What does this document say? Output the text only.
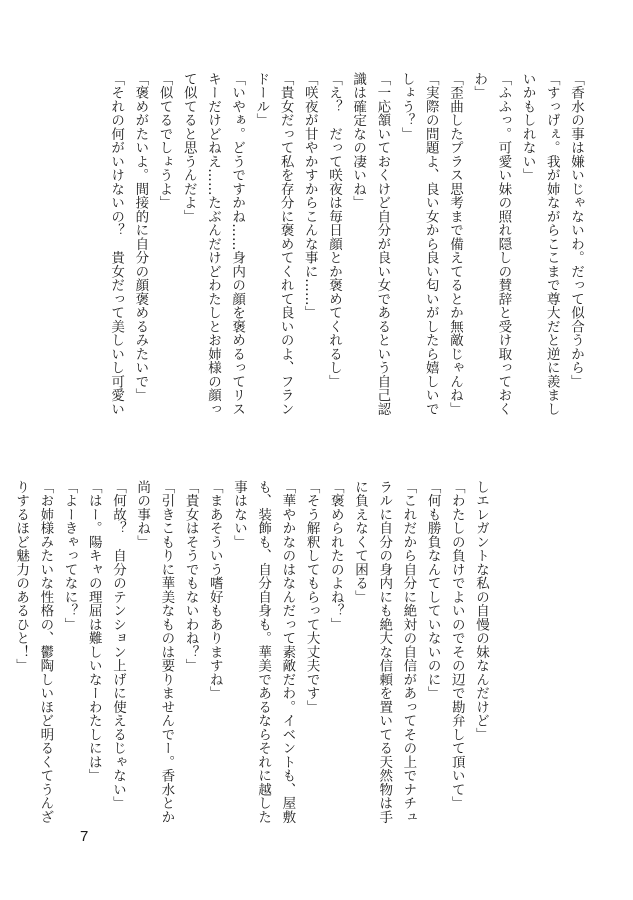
「香水の事は嫌いじゃないわ。だって似合うから」
「すっげぇ。我が姉ながらここまで尊大だと逆に羨まし
いかもしれない」
「ふふっ。可愛い妹の照れ隠しの賛辞と受け取っておく
わ」
「歪曲したプラス思考まで備えてるとか無敵じゃんね」
「実際の問題よ、良い女から良い匂いがしたら嬉しいで
しょう？」
「一応頷いておくけど自分が良い女であるという自己認
識は確定なの凄いね」
「え？　だって咲夜は毎日顔とか褒めてくれるし」
「咲夜が甘やかすからこんな事に……」
「貴女だって私を存分に褒めてくれて良いのよ、フラン
ドール」
「いやぁ。どうですかね……身内の顔を褒めるってリス
キーだけどねえ……たぶんだけどわたしとお姉様の顔っ
て似てると思うんだよ」
「似てるでしょうよ」
「褒めがたいよ。間接的に自分の顔褒めるみたいで」
「それの何がいけないの？　貴女だって美しいし可愛い
しエレガントな私の自慢の妹なんだけど」
「わたしの負けでよいのでその辺で勘弁して頂いて」
「何も勝負なんてしていないのに」
「これだから自分に絶対の自信があってその上でナチュ
ラルに自分の身内にも絶大な信頼を置いてる天然物は手
に負えなくて困る」
「褒められたのよね？」
「そう解釈してもらって大丈夫です」
「華やかなのはなんだって素敵だわ。イベントも、屋敷
も、装飾も、自分自身も。華美であるならそれに越した
事はない」
「まあそういう嗜好もありますね」
「貴女はそうでもないわね？」
「引きこもりに華美なものは要りませんでー。香水とか
尚の事ね」
「何故？　自分のテンション上げに使えるじゃない」
「はー。陽キャの理屈は難しいなーわたしには」
「よーきゃってなに？」
「お姉様みたいな性格の、鬱陶しいほど明るくてうんざ
りするほど魅力のあるひと！」
7
